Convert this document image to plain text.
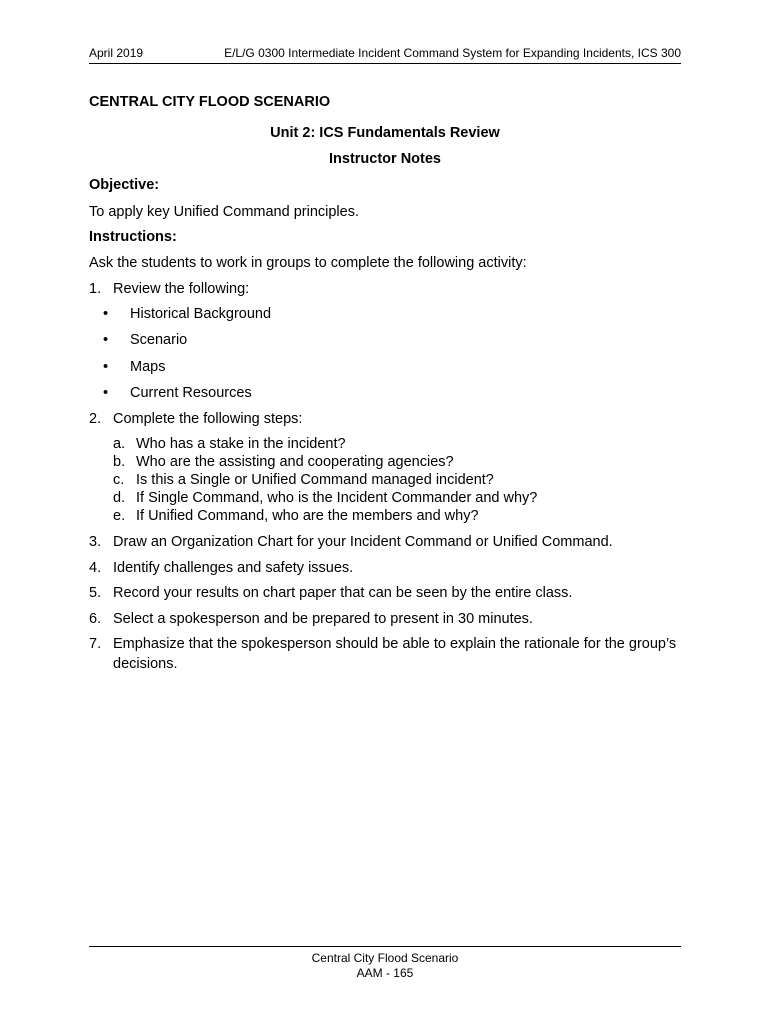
April 2019	E/L/G 0300 Intermediate Incident Command System for Expanding Incidents, ICS 300
CENTRAL CITY FLOOD SCENARIO
Unit 2: ICS Fundamentals Review
Instructor Notes
Objective:
To apply key Unified Command principles.
Instructions:
Ask the students to work in groups to complete the following activity:
1. Review the following:
• Historical Background
• Scenario
• Maps
• Current Resources
2. Complete the following steps:
a. Who has a stake in the incident?
b. Who are the assisting and cooperating agencies?
c. Is this a Single or Unified Command managed incident?
d. If Single Command, who is the Incident Commander and why?
e. If Unified Command, who are the members and why?
3. Draw an Organization Chart for your Incident Command or Unified Command.
4. Identify challenges and safety issues.
5. Record your results on chart paper that can be seen by the entire class.
6. Select a spokesperson and be prepared to present in 30 minutes.
7. Emphasize that the spokesperson should be able to explain the rationale for the group’s decisions.
Central City Flood Scenario
AAM - 165
